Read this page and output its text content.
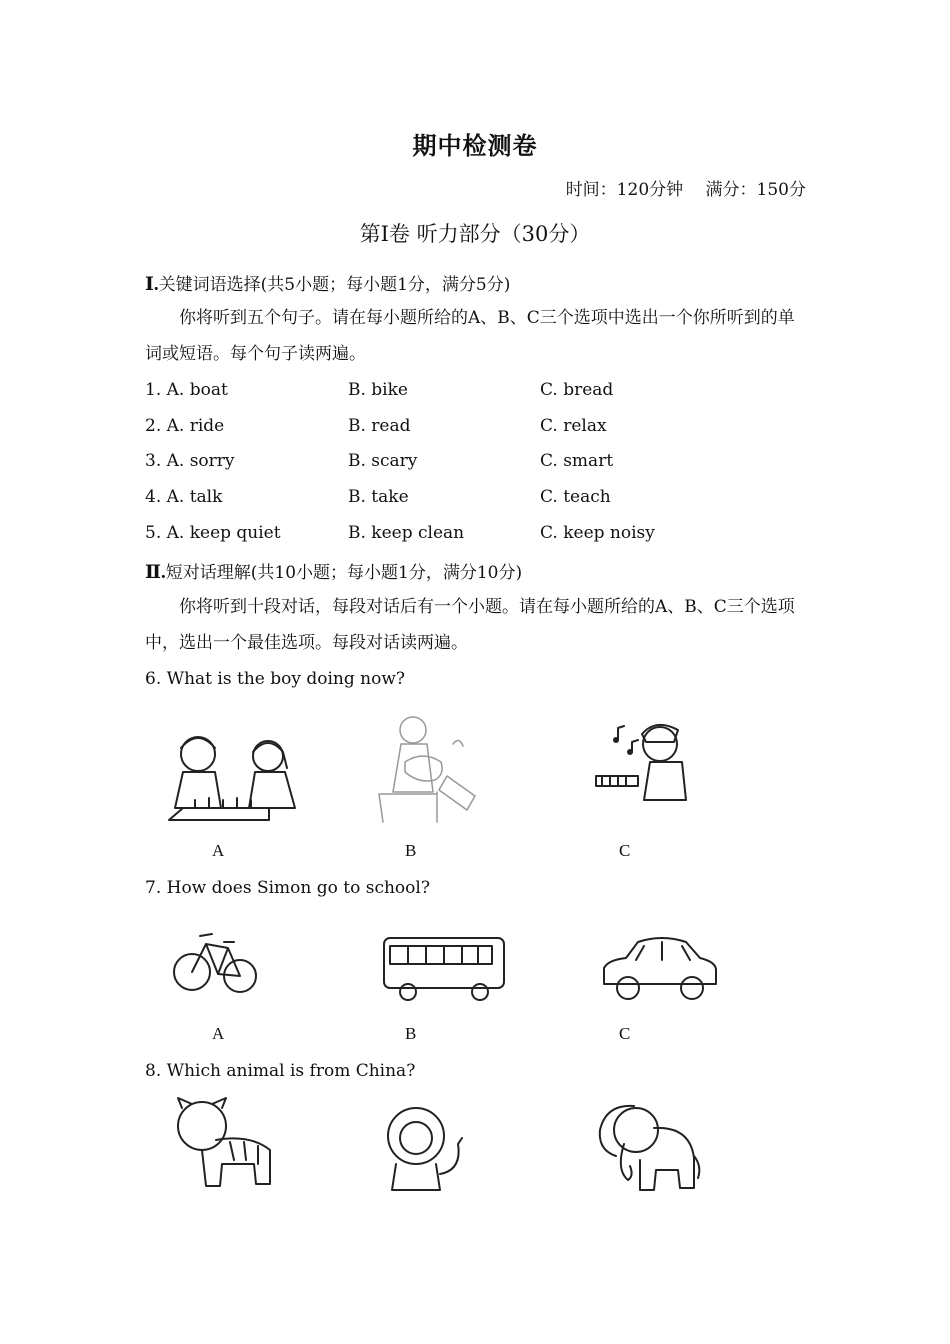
期中检测卷
时间：120分钟　 满分：150分
第Ⅰ卷 听力部分（30分）
Ⅰ.关键词语选择(共5小题；每小题1分，满分5分)
你将听到五个句子。请在每小题所给的A、B、C三个选项中选出一个你所听到的单词或短语。每个句子读两遍。
1. A. boat	B. bike	C. bread
2. A. ride	B. read	C. relax
3. A. sorry	B. scary	C. smart
4. A. talk	B. take	C. teach
5. A. keep quiet	B. keep clean	C. keep noisy
Ⅱ.短对话理解(共10小题；每小题1分，满分10分)
你将听到十段对话，每段对话后有一个小题。请在每小题所给的A、B、C三个选项中，选出一个最佳选项。每段对话读两遍。
6. What is the boy doing now?
A	B	C
7. How does Simon go to school?
A	B	C
8. Which animal is from China?
